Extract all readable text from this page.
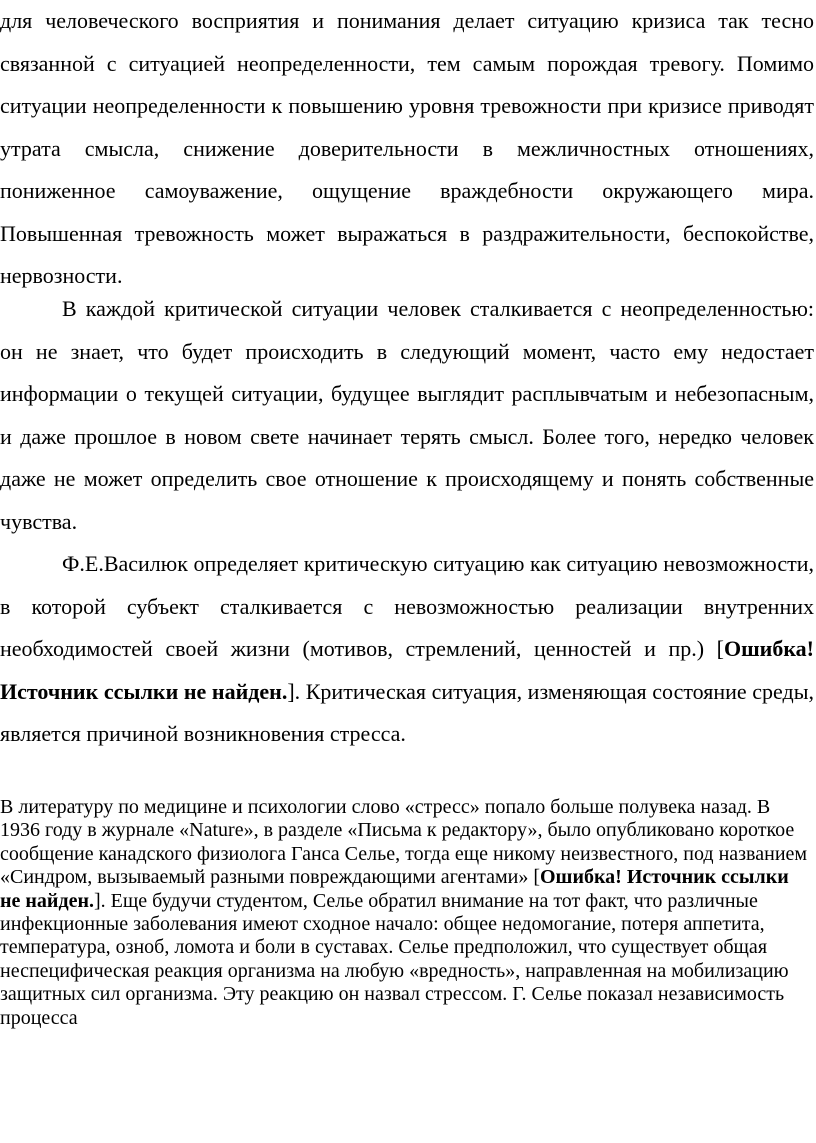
для человеческого восприятия и понимания делает ситуацию кризиса так тесно связанной с ситуацией неопределенности, тем самым порождая тревогу. Помимо ситуации неопределенности к повышению уровня тревожности при кризисе приводят утрата смысла, снижение доверительности в межличностных отношениях, пониженное самоуважение, ощущение враждебности окружающего мира. Повышенная тревожность может выражаться в раздражительности, беспокойстве, нервозности.

В каждой критической ситуации человек сталкивается с неопределенностью: он не знает, что будет происходить в следующий момент, часто ему недостает информации о текущей ситуации, будущее выглядит расплывчатым и небезопасным, и даже прошлое в новом свете начинает терять смысл. Более того, нередко человек даже не может определить свое отношение к происходящему и понять собственные чувства.

Ф.Е.Василюк определяет критическую ситуацию как ситуацию невозможности, в которой субъект сталкивается с невозможностью реализации внутренних необходимостей своей жизни (мотивов, стремлений, ценностей и пр.) [Ошибка! Источник ссылки не найден.]. Критическая ситуация, изменяющая состояние среды, является причиной возникновения стресса.

В литературу по медицине и психологии слово «стресс» попало больше полувека назад. В 1936 году в журнале «Nature», в разделе «Письма к редактору», было опубликовано короткое сообщение канадского физиолога Ганса Селье, тогда еще никому неизвестного, под названием «Синдром, вызываемый разными повреждающими агентами» [Ошибка! Источник ссылки не найден.]. Еще будучи студентом, Селье обратил внимание на тот факт, что различные инфекционные заболевания имеют сходное начало: общее недомогание, потеря аппетита, температура, озноб, ломота и боли в суставах. Селье предположил, что существует общая неспецифическая реакция организма на любую «вредность», направленная на мобилизацию защитных сил организма. Эту реакцию он назвал стрессом. Г. Селье показал независимость процесса
